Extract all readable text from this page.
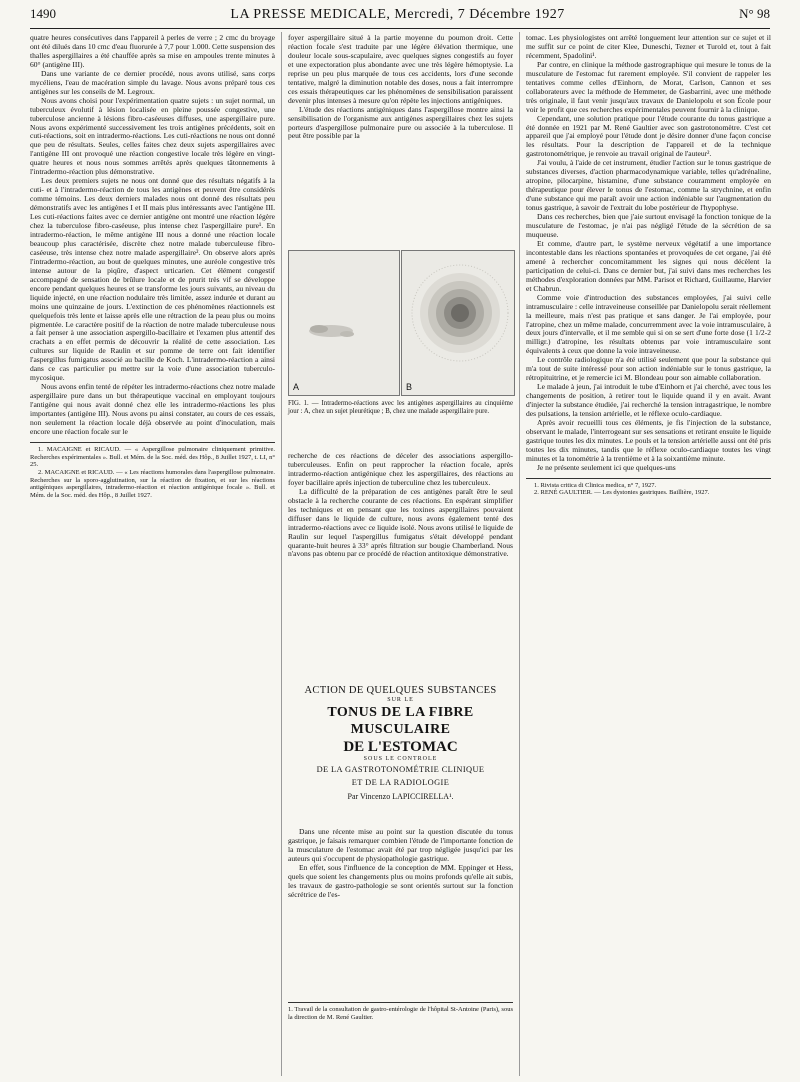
1490	LA PRESSE MEDICALE, Mercredi, 7 Décembre 1927	N° 98

quatre heures consécutives dans l'appareil à perles de verre ; 2 cmc du broyage ont été dilués dans 10 cmc d'eau fluorurée à 7,7 pour 1.000. Cette suspension des thalles aspergillaires a été chauffée après sa mise en ampoules trente minutes à 60° (antigène III).

Dans une variante de ce dernier procédé, nous avons utilisé, sans corps mycéliens, l'eau de macération simple du lavage. Nous avons préparé tous ces antigènes sur les conseils de M. Legroux.

Nous avons choisi pour l'expérimentation quatre sujets : un sujet normal, un tuberculeux évolutif à lésion localisée en pleine poussée congestive, une tuberculose ancienne à lésions fibro-caséeuses diffuses, une aspergillaire pure. Nous avons expérimenté successivement les trois antigènes précédents, soit en cuti-réactions, soit en intradermo-réactions. Les cuti-réactions ne nous ont donné que peu de résultats. Seules, celles faites chez deux sujets aspergillaires avec l'antigène III ont provoqué une réaction congestive locale très légère en vingt-quatre heures et nous nous sommes arrêtés après quelques tâtonnements à l'intradermo-réaction plus démonstrative.

Les deux premiers sujets ne nous ont donné que des résultats négatifs à la cuti- et à l'intradermo-réaction de tous les antigènes et peuvent être considérés comme témoins. Les deux derniers malades nous ont donné des résultats peu démonstratifs avec les antigènes I et II mais plus intéressants avec l'antigène III. Les cuti-réactions faites avec ce dernier antigène ont montré une réaction légère chez la tuberculose fibro-caséeuse, plus intense chez l'aspergillaire pure¹. En intradermo-réaction, le même antigène III nous a donné une réaction locale beaucoup plus caractérisée, discrète chez notre malade tuberculeuse fibro-caséeuse, très intense chez notre malade aspergillaire². On observe alors après l'intradermo-réaction, au bout de quelques minutes, une auréole congestive très intense autour de la piqûre, d'aspect urticarien. Cet élément congestif accompagné de sensation de brûlure locale et de prurit très vif se développe encore pendant quelques heures et se transforme les jours suivants, au niveau du liquide injecté, en une réaction nodulaire très limitée, assez indurée et durant au moins une quinzaine de jours. L'extinction de ces phénomènes réactionnels est quelquefois très lente et laisse après elle une rétraction de la peau plus ou moins pigmentée. Le caractère positif de la réaction de notre malade tuberculeuse nous a fait penser à une association aspergillo-bacillaire et l'examen plus attentif des crachats a en effet permis de découvrir la réalité de cette association. Les cultures sur liquide de Raulin et sur pomme de terre ont fait identifier l'aspergillus fumigatus associé au bacille de Koch. L'intradermo-réaction a ainsi dans ce cas particulier pu mettre sur la voie d'une association tuberculo-mycosique.

Nous avons enfin tenté de répéter les intradermo-réactions chez notre malade aspergillaire pure dans un but thérapeutique vaccinal en employant toujours l'antigène qui nous avait donné chez elle les intradermo-réactions les plus importantes (antigène III). Nous avons pu ainsi constater, au cours de ces essais, non seulement la réaction locale déjà observée au point d'inoculation, mais encore une réaction focale sur le

1. MACAIGNE et RICAUD. — « Aspergillose pulmonaire cliniquement primitive. Recherches expérimentales ». Bull. et Mém. de la Soc. méd. des Hôp., 8 Juillet 1927, t. LI, n° 25.

2. MACAIGNE et RICAUD. — « Les réactions humorales dans l'aspergillose pulmonaire. Recherches sur la sporo-agglutination, sur la réaction de fixation, et sur les réactions antigéniques aspergillaires, intradermo-réaction et réaction antigénique focale ». Bull. et Mém. de la Soc. méd. des Hôp., 8 Juillet 1927.

foyer aspergillaire situé à la partie moyenne du poumon droit. Cette réaction focale s'est traduite par une légère élévation thermique, une douleur locale sous-scapulaire, avec quelques signes congestifs au foyer et une expectoration plus abondante avec une très légère hémoptysie. La reprise un peu plus marquée de tous ces accidents, lors d'une seconde tentative, malgré la diminution notable des doses, nous a fait interrompre ces essais thérapeutiques car les phénomènes de sensibilisation paraissent devenir plus intenses à mesure qu'on répète les injections antigéniques.

L'étude des réactions antigéniques dans l'aspergillose montre ainsi la sensibilisation de l'organisme aux antigènes aspergillaires chez les sujets porteurs d'aspergillose pulmonaire pure ou associée à la tuberculose. Il peut être possible par la

A	B
FIG. 1. — Intradermo-réactions avec les antigènes aspergillaires au cinquième jour : A, chez un sujet pleurétique ; B, chez une malade aspergillaire pure.

recherche de ces réactions de déceler des associations aspergillo-tuberculeuses. Enfin on peut rapprocher la réaction focale, après intradermo-réaction antigénique chez les aspergillaires, des réactions au foyer bacillaire après injection de tuberculine chez les tuberculeux.

La difficulté de la préparation de ces antigènes paraît être le seul obstacle à la recherche courante de ces réactions. En espérant simplifier les techniques et en pensant que les toxines aspergillaires pouvaient diffuser dans le liquide de culture, nous avons également tenté des intradermo-réactions avec ce liquide isolé. Nous avons utilisé le liquide de Raulin sur lequel l'aspergillus fumigatus s'était développé pendant quarante-huit heures à 33° après filtration sur bougie Chamberland. Nous n'avons pas obtenu par ce procédé de réaction antitoxique démonstrative.

ACTION DE QUELQUES SUBSTANCES
SUR LE
TONUS DE LA FIBRE MUSCULAIRE
DE L'ESTOMAC
SOUS LE CONTROLE
DE LA GASTROTONOMÉTRIE CLINIQUE
ET DE LA RADIOLOGIE
Par Vincenzo LAPICCIRELLA¹.

Dans une récente mise au point sur la question discutée du tonus gastrique, je faisais remarquer combien l'étude de l'importante fonction de la musculature de l'estomac avait été par trop négligée jusqu'ici par les auteurs qui s'occupent de physiopathologie gastrique.

En effet, sous l'influence de la conception de MM. Eppinger et Hess, quels que soient les changements plus ou moins profonds qu'elle ait subis, les travaux de gastro-pathologie se sont orientés surtout sur la fonction sécrétrice de l'es-

1. Travail de la consultation de gastro-entérologie de l'hôpital St-Antoine (Paris), sous la direction de M. René Gaultier.

tomac. Les physiologistes ont arrêté longuement leur attention sur ce sujet et il me suffit sur ce point de citer Klee, Duneschi, Tezner et Turold et, tout à fait récemment, Spadolini¹.

Par contre, en clinique la méthode gastrographique qui mesure le tonus de la musculature de l'estomac fut rarement employée. S'il convient de rappeler les tentatives comme celles d'Einhorn, de Morat, Carlson, Cannon et ses collaborateurs avec la méthode de Hemmeter, de Gasbarrini, avec une méthode très originale, il faut venir jusqu'aux travaux de Danielopolu et son École pour voir le profit que ces recherches expérimentales peuvent fournir à la clinique.

Cependant, une solution pratique pour l'étude courante du tonus gastrique a été donnée en 1921 par M. René Gaultier avec son gastrotonomètre. C'est cet appareil que j'ai employé pour l'étude dont je désire donner d'une façon concise les résultats. Pour la description de l'appareil et de la technique gastrotonométrique, je renvoie au travail original de l'auteur².

J'ai voulu, à l'aide de cet instrument, étudier l'action sur le tonus gastrique de substances diverses, d'action pharmacodynamique variable, telles qu'adrénaline, atropine, pilocarpine, histamine, d'une substance couramment employée en thérapeutique pour élever le tonus de l'estomac, comme la strychnine, et enfin d'une substance qui me paraît avoir une action indéniable sur l'augmentation du tonus gastrique, à savoir de l'extrait du lobe postérieur de l'hypophyse.

Dans ces recherches, bien que j'aie surtout envisagé la fonction tonique de la musculature de l'estomac, je n'ai pas négligé l'étude de la sécrétion de sa muqueuse.

Et comme, d'autre part, le système nerveux végétatif a une importance incontestable dans les réactions spontanées et provoquées de cet organe, j'ai été amené à rechercher concomitamment les signes qui nous décèlent la participation de celui-ci. Dans ce dernier but, j'ai suivi dans mes recherches les méthodes d'exploration données par MM. Parisot et Richard, Guillaume, Harvier et Chabrun.

Comme voie d'introduction des substances employées, j'ai suivi celle intramusculaire : celle intraveineuse conseillée par Danielopolu serait réellement la meilleure, mais n'est pas pratique et sans danger. Je l'ai employée, pour l'atropine, chez un même malade, concurremment avec la voie intramusculaire, à deux jours d'intervalle, et il me semble qui si on se sert d'une forte dose (1 1/2-2 milligr.) d'atropine, les résultats obtenus par voie intramusculaire sont équivalents à ceux que donne la voie intraveineuse.

Le contrôle radiologique n'a été utilisé seulement que pour la substance qui m'a tout de suite intéressé pour son action indéniable sur le tonus gastrique, la rétropituitrine, et je remercie ici M. Blondeau pour son aimable collaboration.

Le malade à jeun, j'ai introduit le tube d'Einhorn et j'ai cherché, avec tous les changements de position, à retirer tout le liquide quand il y en avait. Avant d'injecter la substance étudiée, j'ai recherché la tension intragastrique, le nombre des pulsations, la tension artérielle, et le réflexe oculo-cardiaque.

Après avoir recueilli tous ces éléments, je fis l'injection de la substance, observant le malade, l'interrogeant sur ses sensations et retirant ensuite le liquide gastrique toutes les dix minutes. Le pouls et la tension artérielle aussi ont été pris toutes les dix minutes, tandis que le réflexe oculo-cardiaque toutes les vingt minutes et la tonométrie à la trentième et à la soixantième minute.

Je ne présente seulement ici que quelques-uns

1. Rivista critica di Clinica medica, n° 7, 1927.

2. RENÉ GAULTIER. — Les dystonies gastriques. Baillière, 1927.
